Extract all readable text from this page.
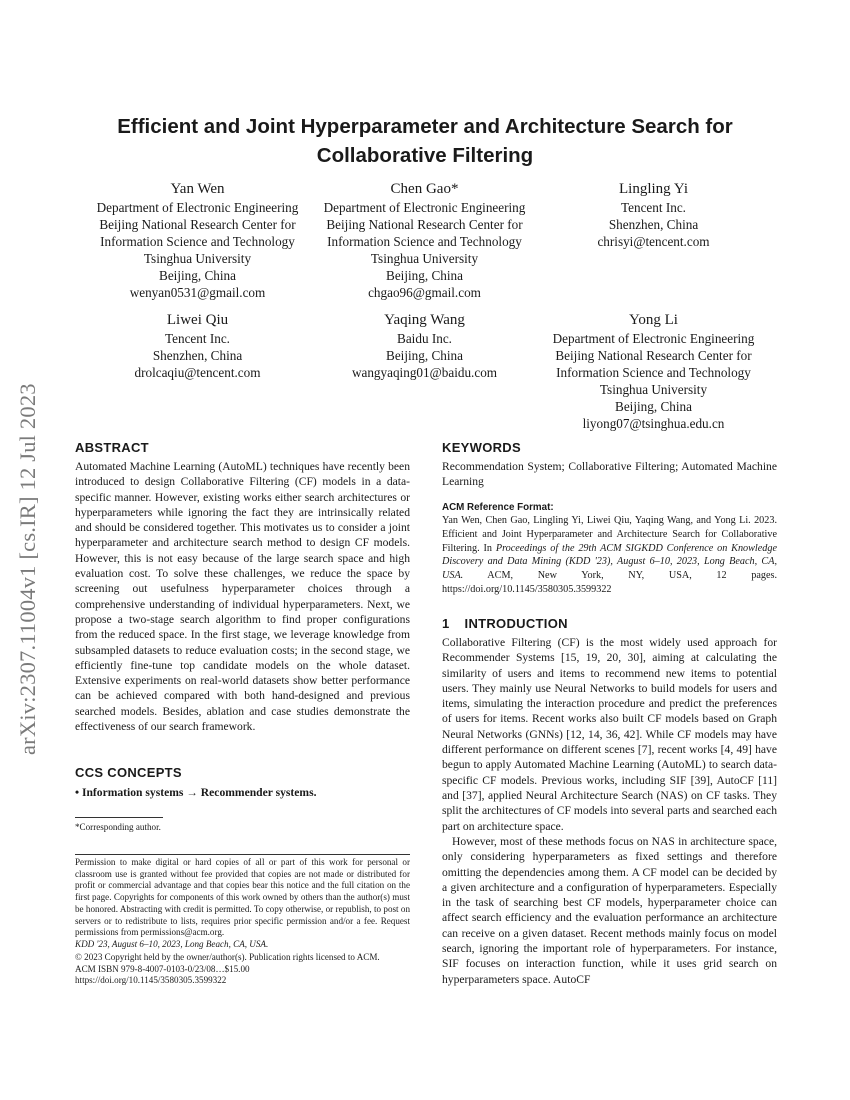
Efficient and Joint Hyperparameter and Architecture Search for
Collaborative Filtering
arXiv:2307.11004v1 [cs.IR] 12 Jul 2023
Yan Wen
Department of Electronic Engineering
Beijing National Research Center for
Information Science and Technology
Tsinghua University
Beijing, China
wenyan0531@gmail.com
Chen Gao*
Department of Electronic Engineering
Beijing National Research Center for
Information Science and Technology
Tsinghua University
Beijing, China
chgao96@gmail.com
Lingling Yi
Tencent Inc.
Shenzhen, China
chrisyi@tencent.com
Liwei Qiu
Tencent Inc.
Shenzhen, China
drolcaqiu@tencent.com
Yaqing Wang
Baidu Inc.
Beijing, China
wangyaqing01@baidu.com
Yong Li
Department of Electronic Engineering
Beijing National Research Center for
Information Science and Technology
Tsinghua University
Beijing, China
liyong07@tsinghua.edu.cn
ABSTRACT
Automated Machine Learning (AutoML) techniques have recently been introduced to design Collaborative Filtering (CF) models in a data-specific manner. However, existing works either search architectures or hyperparameters while ignoring the fact they are intrinsically related and should be considered together. This motivates us to consider a joint hyperparameter and architecture search method to design CF models. However, this is not easy because of the large search space and high evaluation cost. To solve these challenges, we reduce the space by screening out usefulness hyperparameter choices through a comprehensive understanding of individual hyperparameters. Next, we propose a two-stage search algorithm to find proper configurations from the reduced space. In the first stage, we leverage knowledge from subsampled datasets to reduce evaluation costs; in the second stage, we efficiently fine-tune top candidate models on the whole dataset. Extensive experiments on real-world datasets show better performance can be achieved compared with both hand-designed and previous searched models. Besides, ablation and case studies demonstrate the effectiveness of our search framework.
CCS CONCEPTS
• Information systems → Recommender systems.
*Corresponding author.
Permission to make digital or hard copies of all or part of this work for personal or classroom use is granted without fee provided that copies are not made or distributed for profit or commercial advantage and that copies bear this notice and the full citation on the first page. Copyrights for components of this work owned by others than the author(s) must be honored. Abstracting with credit is permitted. To copy otherwise, or republish, to post on servers or to redistribute to lists, requires prior specific permission and/or a fee. Request permissions from permissions@acm.org.
KDD '23, August 6–10, 2023, Long Beach, CA, USA.
© 2023 Copyright held by the owner/author(s). Publication rights licensed to ACM.
ACM ISBN 979-8-4007-0103-0/23/08…$15.00
https://doi.org/10.1145/3580305.3599322
KEYWORDS
Recommendation System; Collaborative Filtering; Automated Machine Learning
ACM Reference Format:
Yan Wen, Chen Gao, Lingling Yi, Liwei Qiu, Yaqing Wang, and Yong Li. 2023. Efficient and Joint Hyperparameter and Architecture Search for Collaborative Filtering. In Proceedings of the 29th ACM SIGKDD Conference on Knowledge Discovery and Data Mining (KDD '23), August 6–10, 2023, Long Beach, CA, USA. ACM, New York, NY, USA, 12 pages. https://doi.org/10.1145/3580305.3599322
1 INTRODUCTION
Collaborative Filtering (CF) is the most widely used approach for Recommender Systems [15, 19, 20, 30], aiming at calculating the similarity of users and items to recommend new items to potential users. They mainly use Neural Networks to build models for users and items, simulating the interaction procedure and predict the preferences of users for items. Recent works also built CF models based on Graph Neural Networks (GNNs) [12, 14, 36, 42]. While CF models may have different performance on different scenes [7], recent works [4, 49] have begun to apply Automated Machine Learning (AutoML) to search data-specific CF models. Previous works, including SIF [39], AutoCF [11] and [37], applied Neural Architecture Search (NAS) on CF tasks. They split the architectures of CF models into several parts and searched each part on architecture space.
However, most of these methods focus on NAS in architecture space, only considering hyperparameters as fixed settings and therefore omitting the dependencies among them. A CF model can be decided by a given architecture and a configuration of hyperparameters. Especially in the task of searching best CF models, hyperparameter choice can affect search efficiency and the evaluation performance an architecture can receive on a given dataset. Recent methods mainly focus on model search, ignoring the important role of hyperparameters. For instance, SIF focuses on interaction function, while it uses grid search on hyperparameters space. AutoCF
